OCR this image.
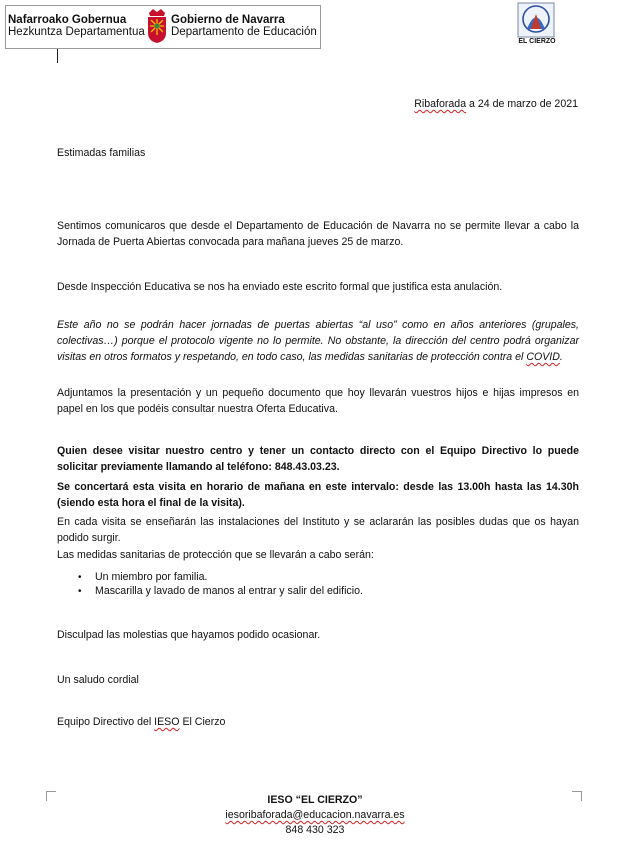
Nafarroako Gobernua
Hezkuntza Departamentua
Gobierno de Navarra
Departamento de Educación
EL CIERZO
Ribaforada a 24 de marzo de 2021
Estimadas familias
Sentimos comunicaros que desde el Departamento de Educación de Navarra no se permite llevar a cabo la Jornada de Puerta Abiertas convocada para mañana jueves 25 de marzo.
Desde Inspección Educativa se nos ha enviado este escrito formal que justifica esta anulación.
Este año no se podrán hacer jornadas de puertas abiertas “al uso” como en años anteriores (grupales, colectivas…) porque el protocolo vigente no lo permite. No obstante, la dirección del centro podrá organizar visitas en otros formatos y respetando, en todo caso, las medidas sanitarias de protección contra el COVID.
Adjuntamos la presentación y un pequeño documento que hoy llevarán vuestros hijos e hijas impresos en papel en los que podéis consultar nuestra Oferta Educativa.
Quien desee visitar nuestro centro y tener un contacto directo con el Equipo Directivo lo puede solicitar previamente llamando al teléfono: 848.43.03.23.
Se concertará esta visita en horario de mañana en este intervalo: desde las 13.00h hasta las 14.30h (siendo esta hora el final de la visita).
En cada visita se enseñarán las instalaciones del Instituto y se aclararán las posibles dudas que os hayan podido surgir.
Las medidas sanitarias de protección que se llevarán a cabo serán:
• Un miembro por familia.
• Mascarilla y lavado de manos al entrar y salir del edificio.
Disculpad las molestias que hayamos podido ocasionar.
Un saludo cordial
Equipo Directivo del IESO El Cierzo
IESO “EL CIERZO”
iesoribaforada@educacion.navarra.es
848 430 323
